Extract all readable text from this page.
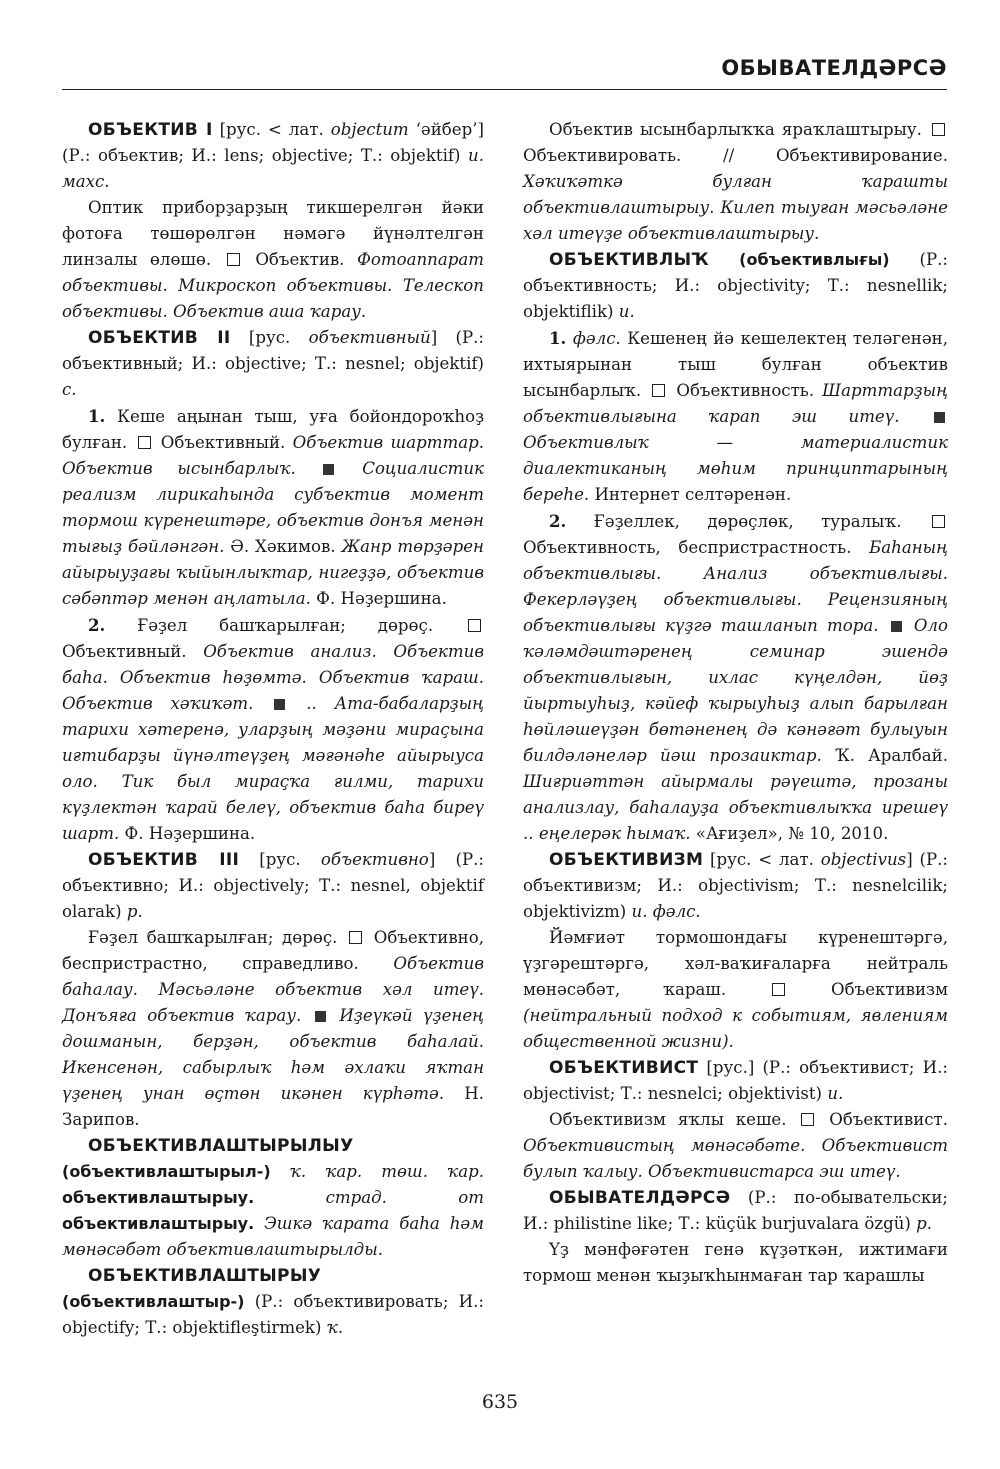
ОБЫВАТЕЛДӘРСӘ

ОБЪЕКТИВ I [рус. < лат. objectum ‘әйбер’] (Р.: объектив; И.: lens; objective; Т.: objektif) и. махс.

Оптик приборҙарҙың тикшерелгән йәки фотоға төшөрөлгән нәмәгә йүнәлтелгән линзалы өлөшө.  Объектив. Фотоаппарат объективы. Микроскоп объективы. Телескоп объективы. Объектив аша ҡарау.

ОБЪЕКТИВ II [рус. объективный] (Р.: объективный; И.: objective; Т.: nesnel; objektif) с.

1. Кеше аңынан тыш, уға бойондороҡһоҙ булған.  Объективный. Объектив шарттар. Объектив ысынбарлыҡ.	Социалистик реализм лирикаһында субъектив момент тормош күренештәре, объектив донъя менән тығыҙ бәйләнгән. Ә. Хәкимов. Жанр төрҙәрен айырыуҙағы ҡыйынлыҡтар, нигеҙҙә, объектив сәбәптәр менән аңлатыла. Ф. Нәҙершина.

2. Ғәҙел башҡарылған; дөрөҫ.  Объективный. Объектив анализ. Объектив баһа. Объектив һөҙөмтә. Объектив ҡараш. Объектив хәҡиҡәт.	.. Ата-бабаларҙың тарихи хәтеренә, уларҙың мәҙәни мираҫына иғтибарҙы йүнәлтеүҙең мәғәнәһе айырыуса оло. Тик был мираҫҡа ғилми, тарихи күҙлектән ҡарай белеү, объектив баһа биреү шарт. Ф. Нәҙершина.

ОБЪЕКТИВ III [рус. объективно] (Р.: объективно; И.: objectively; Т.: nesnel, objektif olarak) р.

Ғәҙел башҡарылған; дөрөҫ.  Объективно, беспристрастно, справедливо. Объектив баһалау. Мәсьәләне объектив хәл итеү. Донъяға объектив ҡарау. Иҙеүкәй үҙенең дошманын, берҙән, объектив баһалай. Икенсенән, сабырлыҡ һәм әхлаҡи яҡтан үҙенең унан өҫтөн икәнен күрһәтә. Н. Зарипов.

ОБЪЕКТИВЛАШТЫРЫЛЫУ (объективлаштырыл-) ҡ. ҡар. төш. ҡар. объективлаштырыу.	страд. от объективлаштырыу. Эшкә ҡарата баһа һәм мөнәсәбәт объективлаштырылды.

ОБЪЕКТИВЛАШТЫРЫУ (объективлаштыр-) (Р.: объективировать; И.: objectify; Т.: objektifleştirmek) ҡ.

Объектив ысынбарлыҡҡа яраҡлаштырыу.  Объективировать. // Объективирование. Хәҡиҡәткә булған ҡарашты объективлаштырыу. Килеп тыуған мәсьәләне хәл итеүҙе объективлаштырыу.

ОБЪЕКТИВЛЫҠ (объективлығы) (Р.: объективность; И.: objectivity; Т.: nesnellik; objektiflik) и.

1. фәлс. Кешенең йә кешелектең теләгенән, ихтыярынан тыш булған объектив ысынбарлыҡ.  Объективность. Шарттарҙың объективлығына ҡарап эш итеү.  Объективлыҡ — материалистик диалектиканың мөһим принциптарының береһе. Интернет селтәренән.

2. Ғәҙеллек, дөрөҫлөк, туралыҡ.  Объективность, беспристрастность. Баһаның объективлығы. Анализ объективлығы. Фекерләүҙең объективлығы. Рецензияның объективлығы күҙгә ташланып тора. Оло ҡәләмдәштәренең семинар эшендә объективлығын, ихлас күңелдән, йөҙ йыртыуһыҙ, кәйеф ҡырыуһыҙ алып барылған һөйләшеүҙән бөтәненең дә кәнәғәт булыуын билдәләнеләр йәш прозаиктар. Ҡ. Аралбай. Шиғриәттән айырмалы рәүештә, прозаны анализлау, баһалауҙа объективлыҡҡа ирешеү .. еңелерәк һымаҡ. «Ағиҙел», № 10, 2010.

ОБЪЕКТИВИЗМ [рус. < лат. objectivus] (Р.: объективизм; И.: objectivism; Т.: nesnelcilik; objektivizm) и. фәлс.

Йәмғиәт тормошондағы күренештәргә, үҙгәрештәргә, хәл-ваҡиғаларға нейтраль мөнәсәбәт, ҡараш.  Объективизм (нейтральный подход к событиям, явлениям общественной жизни).

ОБЪЕКТИВИСТ [рус.] (Р.: объективист; И.: objectivist; Т.: nesnelci; objektivist) и.

Объективизм яҡлы кеше.  Объективист. Объективистың мөнәсәбәте. Объективист булып ҡалыу. Объективистарса эш итеү.

ОБЫВАТЕЛДӘРСӘ (Р.: по-обывательски; И.: philistine like; Т.: küçük burjuvalara özgü) р.

Үҙ мәнфәғәтен генә күҙәткән, ижтимағи тормош менән ҡыҙыҡһынмаған тар ҡарашлы

635
